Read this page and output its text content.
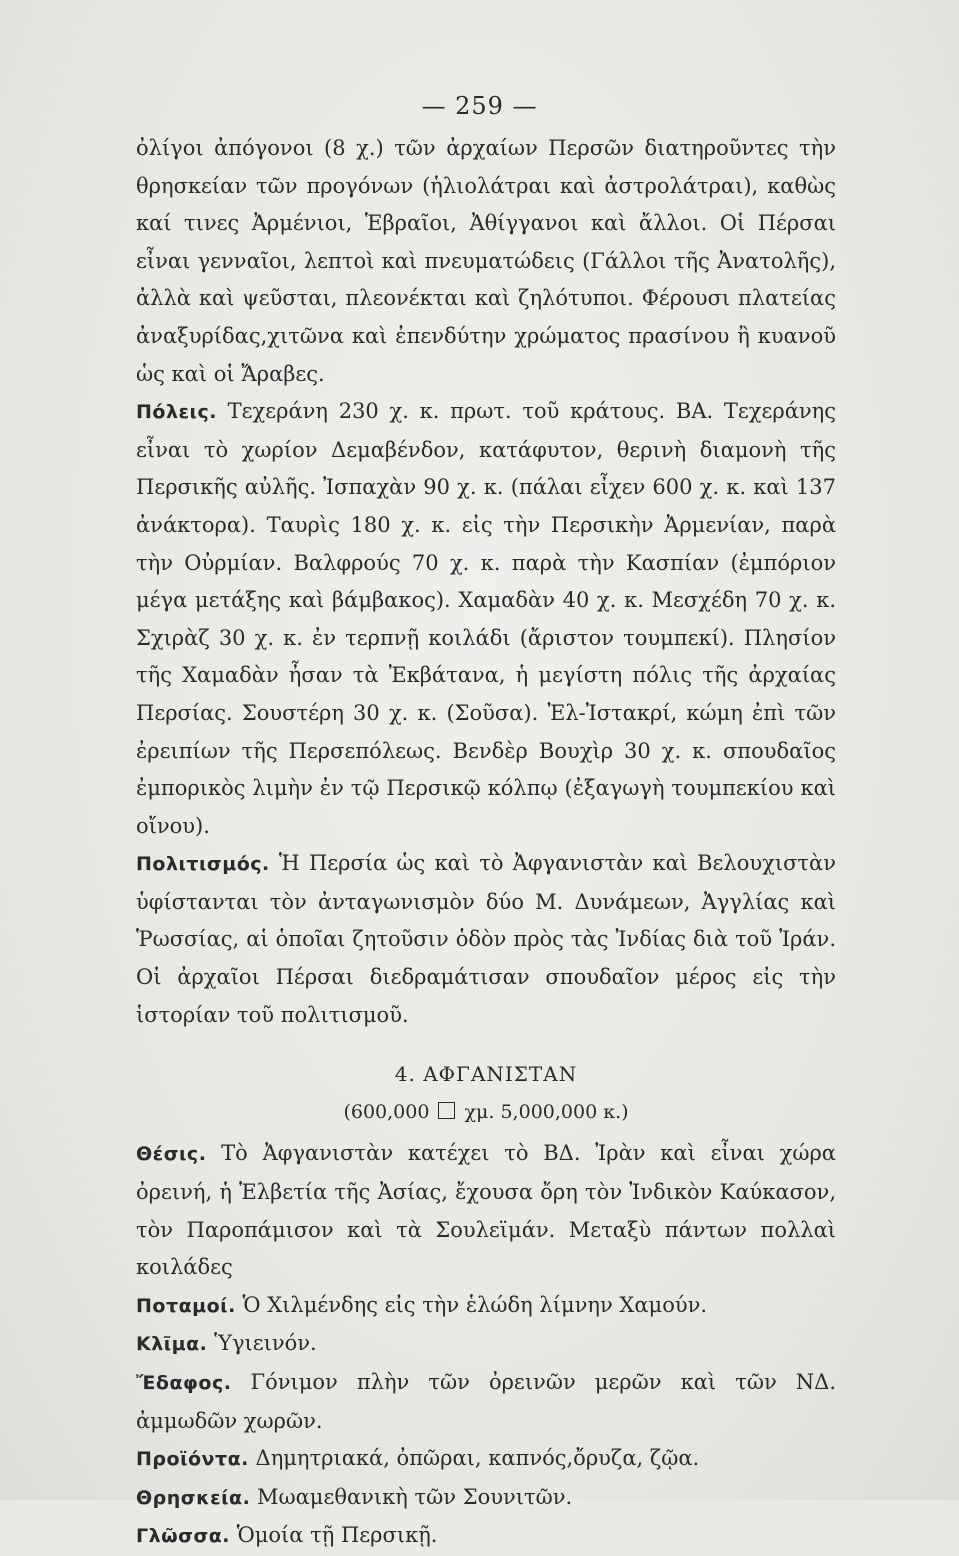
— 259 —

ὀλίγοι ἀπόγονοι (8 χ.) τῶν ἀρχαίων Περσῶν διατηροῦντες τὴν θρησκείαν τῶν προγόνων (ἡλιολάτραι καὶ ἀστρολάτραι), καθὼς καί τινες Ἀρμένιοι, Ἑβραῖοι, Ἀθίγγανοι καὶ ἄλλοι. Οἱ Πέρσαι εἶναι γενναῖοι, λεπτοὶ καὶ πνευματώδεις (Γάλλοι τῆς Ἀνατολῆς), ἀλλὰ καὶ ψεῦσται, πλεονέκται καὶ ζηλότυποι. Φέρουσι πλατείας ἀναξυρίδας,χιτῶνα καὶ ἐπενδύτην χρώματος πρασίνου ἢ κυανοῦ ὡς καὶ οἱ Ἄραβες.

Πόλεις. Τεχεράνη 230 χ. κ. πρωτ. τοῦ κράτους. ΒΑ. Τεχεράνης εἶναι τὸ χωρίον Δεμαβένδον, κατάφυτον, θερινὴ διαμονὴ τῆς Περσικῆς αὐλῆς. Ἰσπαχὰν 90 χ. κ. (πάλαι εἶχεν 600 χ. κ. καὶ 137 ἀνάκτορα). Ταυρὶς 180 χ. κ. εἰς τὴν Περσικὴν Ἀρμενίαν, παρὰ τὴν Οὐρμίαν. Βαλφρούς 70 χ. κ. παρὰ τὴν Κασπίαν (ἐμπόριον μέγα μετάξης καὶ βάμβακος). Χαμαδὰν 40 χ. κ. Μεσχέδη 70 χ. κ. Σχιρὰζ 30 χ. κ. ἐν τερπνῇ κοιλάδι (ἄριστον τουμπεκί). Πλησίον τῆς Χαμαδὰν ἦσαν τὰ Ἐκβάτανα, ἡ μεγίστη πόλις τῆς ἀρχαίας Περσίας. Σουστέρη 30 χ. κ. (Σοῦσα). Ἐλ-Ἰστακρί, κώμη ἐπὶ τῶν ἐρειπίων τῆς Περσεπόλεως. Βενδὲρ Βουχὶρ 30 χ. κ. σπουδαῖος ἐμπορικὸς λιμὴν ἐν τῷ Περσικῷ κόλπῳ (ἐξαγωγὴ τουμπεκίου καὶ οἴνου).

Πολιτισμός. Ἡ Περσία ὡς καὶ τὸ Ἀφγανιστὰν καὶ Βελουχιστὰν ὑφίστανται τὸν ἀνταγωνισμὸν δύο Μ. Δυνάμεων, Ἀγγλίας καὶ Ῥωσσίας, αἱ ὁποῖαι ζητοῦσιν ὁδὸν πρὸς τὰς Ἰνδίας διὰ τοῦ Ἰράν. Οἱ ἀρχαῖοι Πέρσαι διεδραμάτισαν σπουδαῖον μέρος εἰς τὴν ἱστορίαν τοῦ πολιτισμοῦ.

4. ΑΦΓΑΝΙΣΤΑΝ

(600,000 χμ. 5,000,000 κ.)

Θέσις. Τὸ Ἀφγανιστὰν κατέχει τὸ ΒΔ. Ἰρὰν καὶ εἶναι χώρα ὀρεινή, ἡ Ἑλβετία τῆς Ἀσίας, ἔχουσα ὄρη τὸν Ἰνδικὸν Καύκασον, τὸν Παροπάμισον καὶ τὰ Σουλεϊμάν. Μεταξὺ πάντων πολλαὶ κοιλάδες

Ποταμοί. Ὁ Χιλμένδης εἰς τὴν ἑλώδη λίμνην Χαμούν.

Κλῖμα. Ὑγιεινόν.

Ἔδαφος. Γόνιμον πλὴν τῶν ὀρεινῶν μερῶν καὶ τῶν ΝΔ. ἀμμωδῶν χωρῶν.

Προϊόντα. Δημητριακά, ὀπῶραι, καπνός,ὄρυζα, ζῷα.

Θρησκεία. Μωαμεθανικὴ τῶν Σουνιτῶν.

Γλῶσσα. Ὁμοία τῇ Περσικῇ.
